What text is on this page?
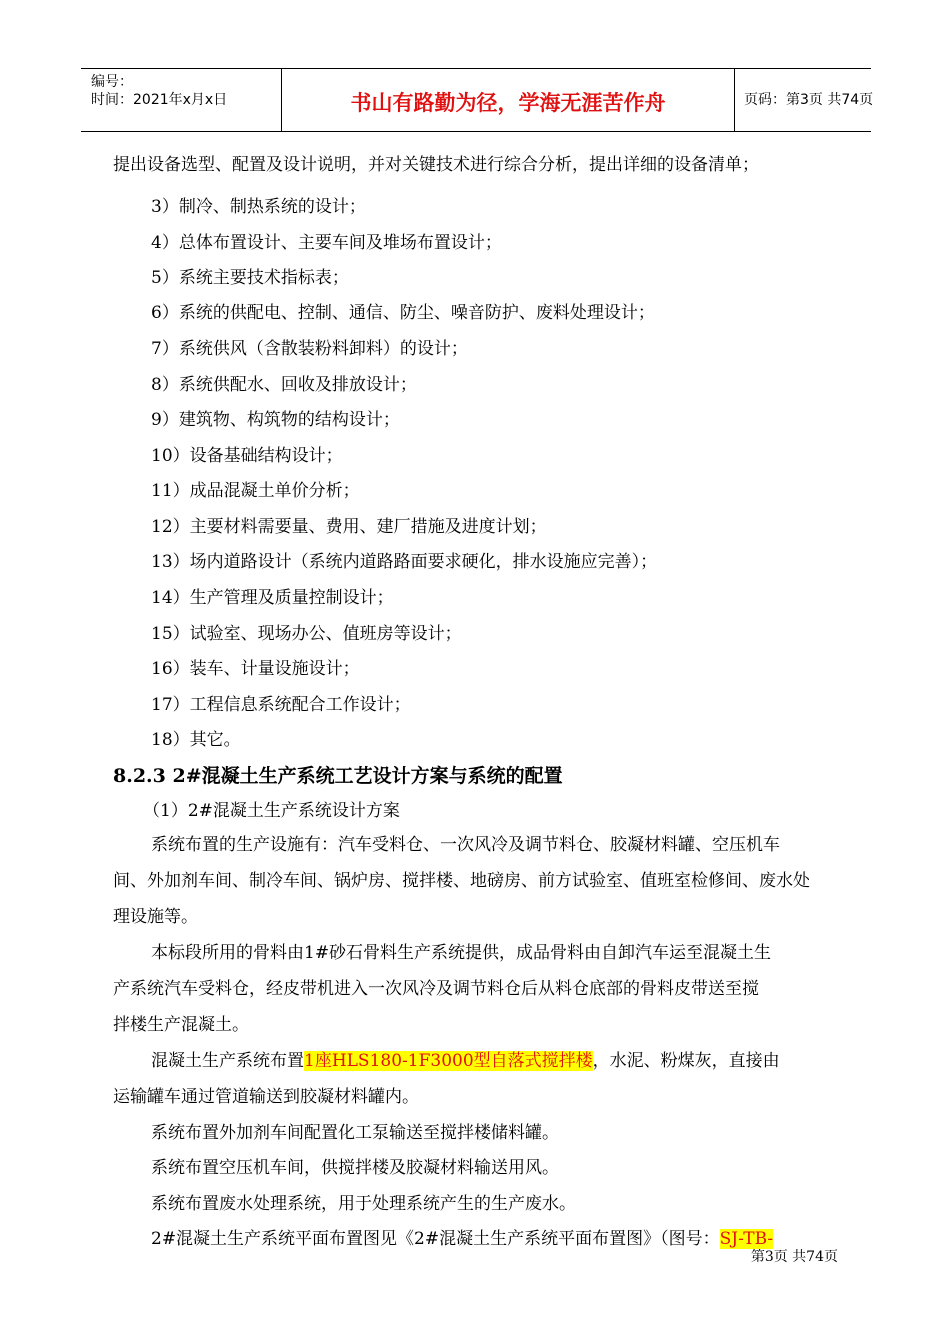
编号：
时间：2021年x月x日	书山有路勤为径，学海无涯苦作舟	页码：第3页 共74页
提出设备选型、配置及设计说明，并对关键技术进行综合分析，提出详细的设备清单；
3）制冷、制热系统的设计；
4）总体布置设计、主要车间及堆场布置设计；
5）系统主要技术指标表；
6）系统的供配电、控制、通信、防尘、噪音防护、废料处理设计；
7）系统供风（含散装粉料卸料）的设计；
8）系统供配水、回收及排放设计；
9）建筑物、构筑物的结构设计；
10）设备基础结构设计；
11）成品混凝土单价分析；
12）主要材料需要量、费用、建厂措施及进度计划；
13）场内道路设计（系统内道路路面要求硬化，排水设施应完善）；
14）生产管理及质量控制设计；
15）试验室、现场办公、值班房等设计；
16）装车、计量设施设计；
17）工程信息系统配合工作设计；
18）其它。
8.2.3 2#混凝土生产系统工艺设计方案与系统的配置
（1）2#混凝土生产系统设计方案
系统布置的生产设施有：汽车受料仓、一次风冷及调节料仓、胶凝材料罐、空压机车
间、外加剂车间、制冷车间、锅炉房、搅拌楼、地磅房、前方试验室、值班室检修间、废水处
理设施等。
本标段所用的骨料由1#砂石骨料生产系统提供，成品骨料由自卸汽车运至混凝土生
产系统汽车受料仓，经皮带机进入一次风冷及调节料仓后从料仓底部的骨料皮带送至搅
拌楼生产混凝土。
混凝土生产系统布置1座HLS180-1F3000型自落式搅拌楼，水泥、粉煤灰，直接由
运输罐车通过管道输送到胶凝材料罐内。
系统布置外加剂车间配置化工泵输送至搅拌楼储料罐。
系统布置空压机车间，供搅拌楼及胶凝材料输送用风。
系统布置废水处理系统，用于处理系统产生的生产废水。
2#混凝土生产系统平面布置图见《2#混凝土生产系统平面布置图》（图号：SJ-TB-
第3页 共74页
